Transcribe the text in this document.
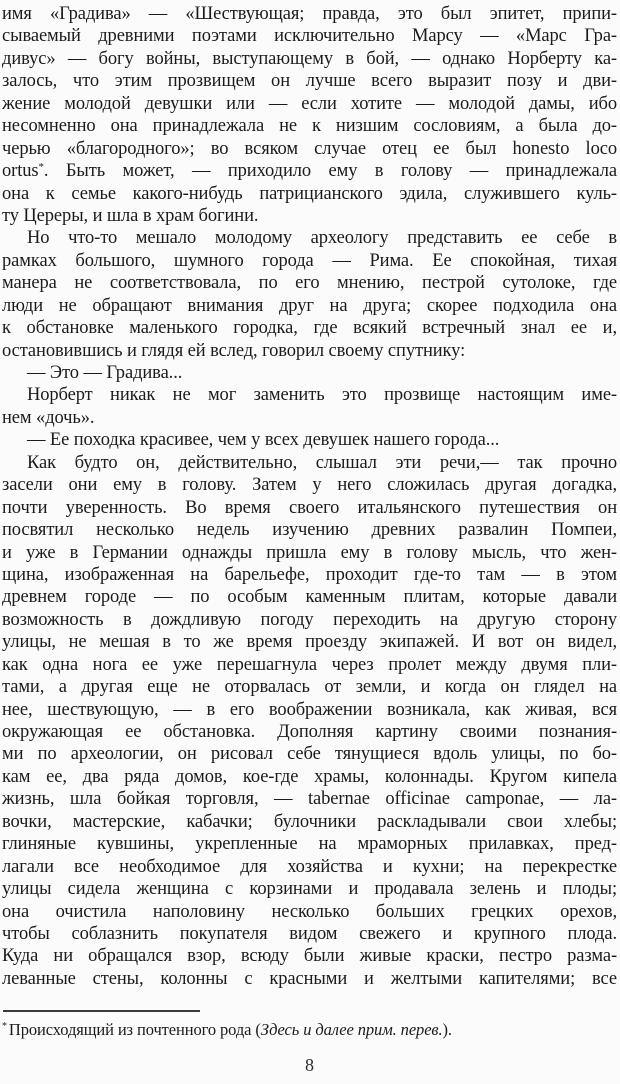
имя «Градива» — «Шествующая; правда, это был эпитет, припи-
сываемый древними поэтами исключительно Марсу — «Марс Гра-
дивус» — богу войны, выступающему в бой, — однако Норберту ка-
залось, что этим прозвищем он лучше всего выразит позу и дви-
жение молодой девушки или — если хотите — молодой дамы, ибо
несомненно она принадлежала не к низшим сословиям, а была до-
черью «благородного»; во всяком случае отец ее был honesto loco
ortus*. Быть может, — приходило ему в голову — принадлежала
она к семье какого-нибудь патрицианского эдила, служившего куль-
ту Цереры, и шла в храм богини.
Но что-то мешало молодому археологу представить ее себе в
рамках большого, шумного города — Рима. Ее спокойная, тихая
манера не соответствовала, по его мнению, пестрой сутолоке, где
люди не обращают внимания друг на друга; скорее подходила она
к обстановке маленького городка, где всякий встречный знал ее и,
остановившись и глядя ей вслед, говорил своему спутнику:
— Это — Градива...
Норберт никак не мог заменить это прозвище настоящим име-
нем «дочь».
— Ее походка красивее, чем у всех девушек нашего города...
Как будто он, действительно, слышал эти речи,— так прочно
засели они ему в голову. Затем у него сложилась другая догадка,
почти уверенность. Во время своего итальянского путешествия он
посвятил несколько недель изучению древних развалин Помпеи,
и уже в Германии однажды пришла ему в голову мысль, что жен-
щина, изображенная на барельефе, проходит где-то там — в этом
древнем городе — по особым каменным плитам, которые давали
возможность в дождливую погоду переходить на другую сторону
улицы, не мешая в то же время проезду экипажей. И вот он видел,
как одна нога ее уже перешагнула через пролет между двумя пли-
тами, а другая еще не оторвалась от земли, и когда он глядел на
нее, шествующую, — в его воображении возникала, как живая, вся
окружающая ее обстановка. Дополняя картину своими познания-
ми по археологии, он рисовал себе тянущиеся вдоль улицы, по бо-
кам ее, два ряда домов, кое-где храмы, колоннады. Кругом кипела
жизнь, шла бойкая торговля, — tabernae officinae camponae, — ла-
вочки, мастерские, кабачки; булочники раскладывали свои хлебы;
глиняные кувшины, укрепленные на мраморных прилавках, пред-
лагали все необходимое для хозяйства и кухни; на перекрестке
улицы сидела женщина с корзинами и продавала зелень и плоды;
она очистила наполовину несколько больших грецких орехов,
чтобы соблазнить покупателя видом свежего и крупного плода.
Куда ни обращался взор, всюду были живые краски, пестро разма-
леванные стены, колонны с красными и желтыми капителями; все
* Происходящий из почтенного рода (Здесь и далее прим. перев.).
8
